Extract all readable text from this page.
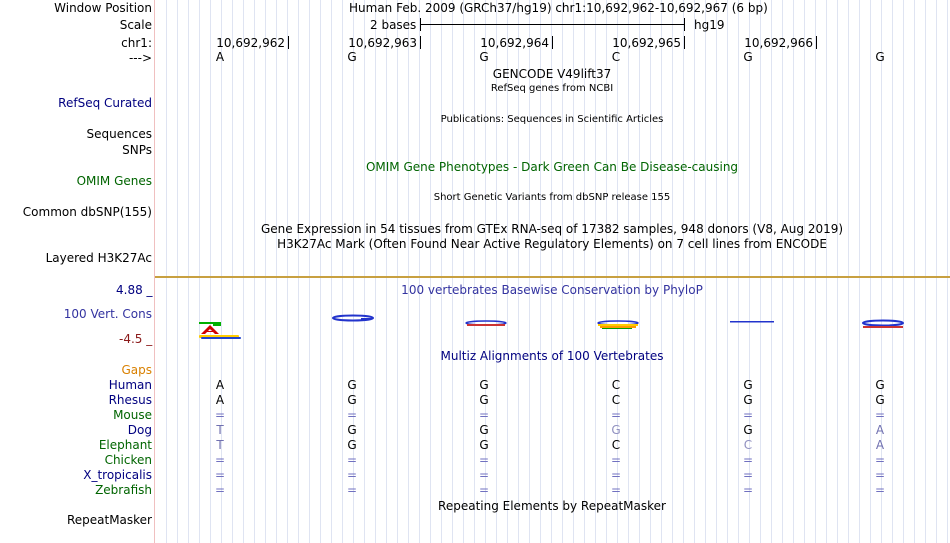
Window Position	Human Feb. 2009 (GRCh37/hg19) chr1:10,692,962-10,692,967 (6 bp)
Scale	2 bases	hg19
chr1:	10,692,962	10,692,963	10,692,964	10,692,965	10,692,966
--->	A	G	G	C	G	G
GENCODE V49lift37
RefSeq genes from NCBI
RefSeq Curated
Publications: Sequences in Scientific Articles
Sequences
SNPs
OMIM Gene Phenotypes - Dark Green Can Be Disease-causing
OMIM Genes
Short Genetic Variants from dbSNP release 155
Common dbSNP(155)
Gene Expression in 54 tissues from GTEx RNA-seq of 17382 samples, 948 donors (V8, Aug 2019)
H3K27Ac Mark (Often Found Near Active Regulatory Elements) on 7 cell lines from ENCODE
Layered H3K27Ac
4.88 _	100 vertebrates Basewise Conservation by PhyloP
100 Vert. Cons
-4.5 _
Multiz Alignments of 100 Vertebrates
Gaps
Human	A	G	G	C	G	G
Rhesus	A	G	G	C	G	G
Mouse	=	=	=	=	=	=
Dog	T	G	G	G	G	A
Elephant	T	G	G	C	C	A
Chicken	=	=	=	=	=	=
X_tropicalis	=	=	=	=	=	=
Zebrafish	=	=	=	=	=	=
Repeating Elements by RepeatMasker
RepeatMasker
